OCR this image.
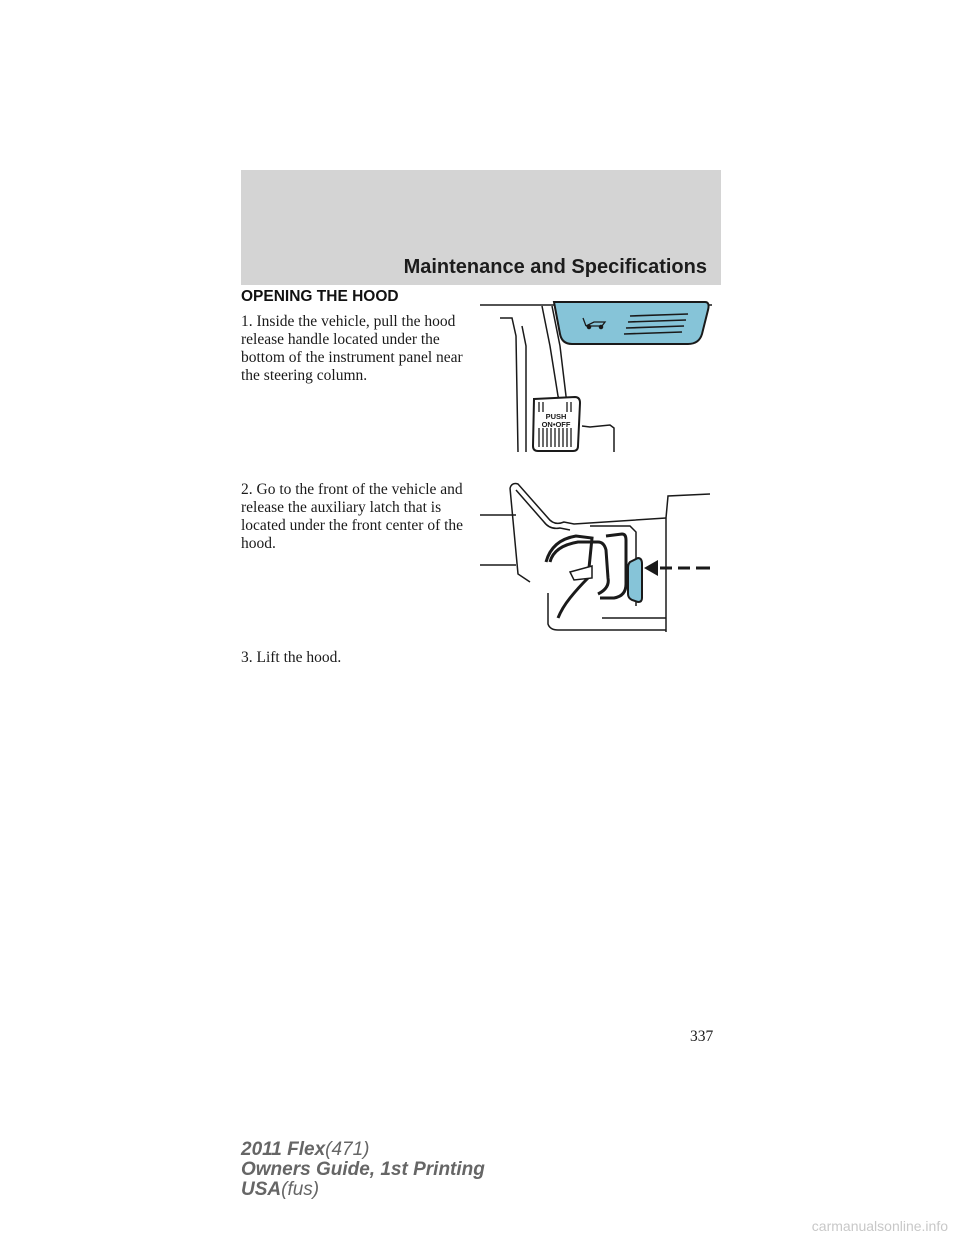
Maintenance and Specifications
OPENING THE HOOD
1. Inside the vehicle, pull the hood release handle located under the bottom of the instrument panel near the steering column.
2. Go to the front of the vehicle and release the auxiliary latch that is located under the front center of the hood.
3. Lift the hood.
PUSH
ON•OFF
337
2011 Flex(471)
Owners Guide, 1st Printing
USA(fus)
carmanualsonline.info
